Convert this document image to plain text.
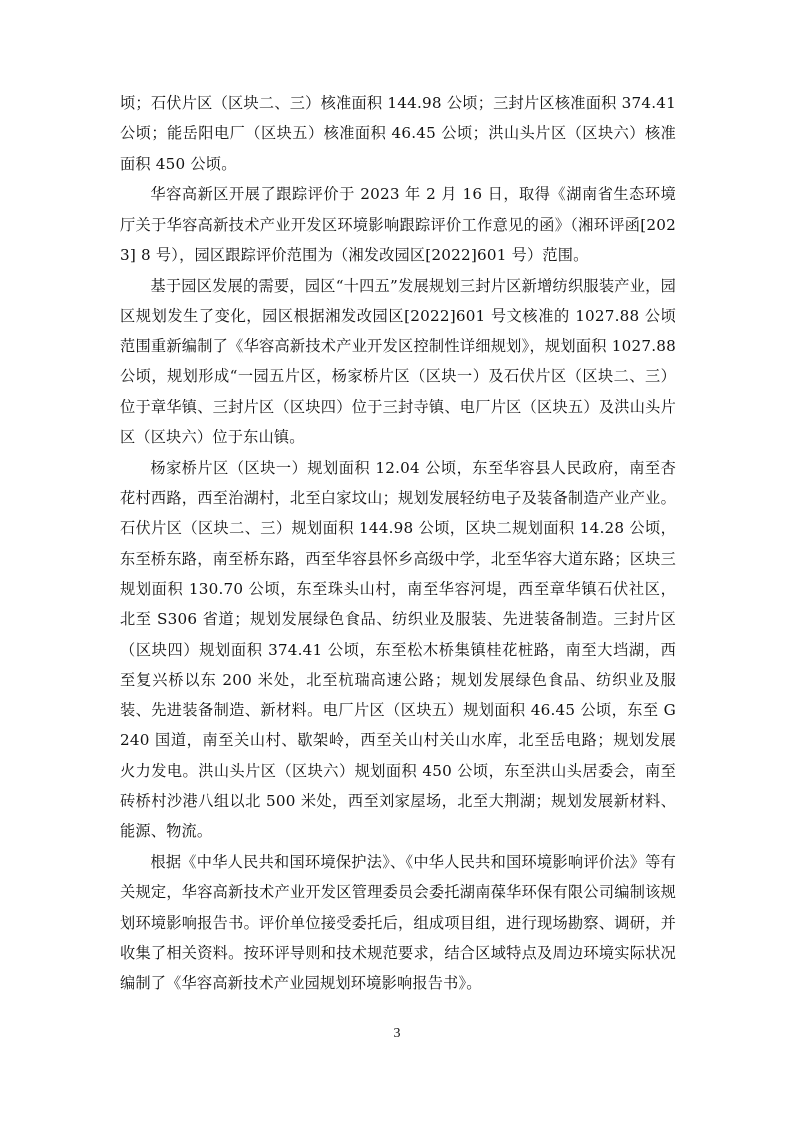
顷；石伏片区（区块二、三）核准面积 144.98 公顷；三封片区核准面积 374.41 公顷；能岳阳电厂（区块五）核准面积 46.45 公顷；洪山头片区（区块六）核准面积 450 公顷。

华容高新区开展了跟踪评价于 2023 年 2 月 16 日，取得《湖南省生态环境厅关于华容高新技术产业开发区环境影响跟踪评价工作意见的函》（湘环评函[2023] 8 号），园区跟踪评价范围为（湘发改园区[2022]601 号）范围。

基于园区发展的需要，园区“十四五”发展规划三封片区新增纺织服装产业，园区规划发生了变化，园区根据湘发改园区[2022]601 号文核准的 1027.88 公顷范围重新编制了《华容高新技术产业开发区控制性详细规划》，规划面积 1027.88 公顷，规划形成“一园五片区，杨家桥片区（区块一）及石伏片区（区块二、三）位于章华镇、三封片区（区块四）位于三封寺镇、电厂片区（区块五）及洪山头片区（区块六）位于东山镇。

杨家桥片区（区块一）规划面积 12.04 公顷，东至华容县人民政府，南至杏花村西路，西至治湖村，北至白家坟山；规划发展轻纺电子及装备制造产业产业。石伏片区（区块二、三）规划面积 144.98 公顷，区块二规划面积 14.28 公顷，东至桥东路，南至桥东路，西至华容县怀乡高级中学，北至华容大道东路；区块三规划面积 130.70 公顷，东至珠头山村，南至华容河堤，西至章华镇石伏社区，北至 S306 省道；规划发展绿色食品、纺织业及服装、先进装备制造。三封片区（区块四）规划面积 374.41 公顷，东至松木桥集镇桂花桩路，南至大垱湖，西至复兴桥以东 200 米处，北至杭瑞高速公路；规划发展绿色食品、纺织业及服装、先进装备制造、新材料。电厂片区（区块五）规划面积 46.45 公顷，东至 G 240 国道，南至关山村、歇架岭，西至关山村关山水库，北至岳电路；规划发展火力发电。洪山头片区（区块六）规划面积 450 公顷，东至洪山头居委会，南至砖桥村沙港八组以北 500 米处，西至刘家屋场，北至大荆湖；规划发展新材料、能源、物流。

根据《中华人民共和国环境保护法》、《中华人民共和国环境影响评价法》等有关规定，华容高新技术产业开发区管理委员会委托湖南葆华环保有限公司编制该规划环境影响报告书。评价单位接受委托后，组成项目组，进行现场勘察、调研，并收集了相关资料。按环评导则和技术规范要求，结合区域特点及周边环境实际状况编制了《华容高新技术产业园规划环境影响报告书》。

3
